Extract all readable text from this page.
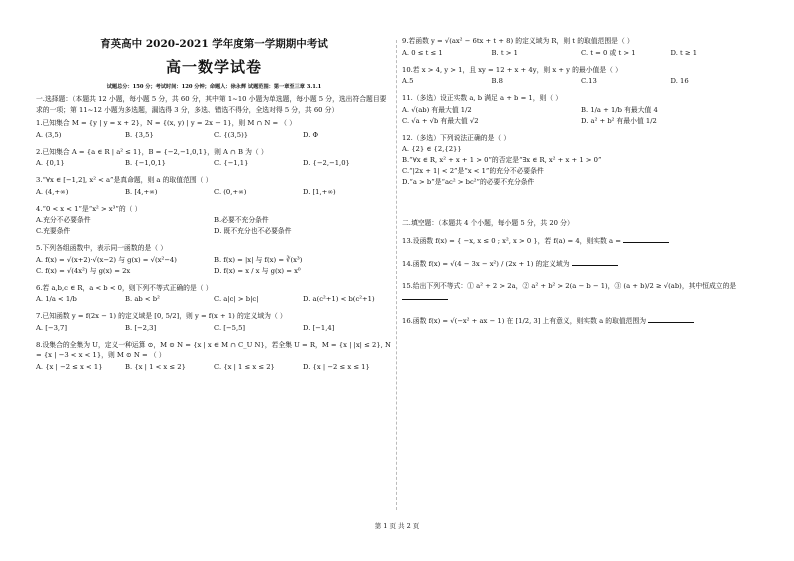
育英高中 2020-2021 学年度第一学期期中考试

高一数学试卷

试题总分：150 分；考试时间：120 分钟；命题人：徐永辉 试题范围：第一章至三章 3.1.1

一.选择题：（本题共 12 小题，每小题 5 分，共 60 分，其中第 1~10 小题为单选题，每小题 5 分，选出符合题目要求的一项；第 11~12 小题为多选题，漏选得 3 分，多选、错选不得分，全选对得 5 分，共 60 分）

1.已知集合 M = {y | y = x + 2}，N = {(x, y) | y = 2x − 1}，则 M ∩ N = （ ）

A. (3,5)	B. {3,5}	C. {(3,5)}	D. Φ

2.已知集合 A = {a ∈ R | a² ≤ 1}，B = {−2,−1,0,1}，则 A ∩ B 为（ ）

A. {0,1}	B. {−1,0,1}	C. {−1,1}	D. {−2,−1,0}

3.“∀x ∈ [−1,2], x² < a”是真命题，则 a 的取值范围（ ）

A. (4,+∞)	B. [4,+∞)	C. (0,+∞)	D. [1,+∞)

4.“0 < x < 1”是“x² > x³”的（ ）

A.充分不必要条件	B.必要不充分条件
C.充要条件	D. 既不充分也不必要条件

5.下列各组函数中，表示同一函数的是（ ）

A. f(x) = √(x+2)·√(x−2) 与 g(x) = √(x²−4)	B. f(x) = |x| 与 f(x) = ∛(x³)
C. f(x) = √(4x²) 与 g(x) = 2x	D. f(x) = x / x 与 g(x) = x⁰

6.若 a,b,c ∈ R，a < b < 0，则下列不等式正确的是（ ）

A. 1/a < 1/b	B. ab < b²	C. a|c| > b|c|	D. a(c²+1) < b(c²+1)

7.已知函数 y = f(2x − 1) 的定义域是 [0, 5/2]，则 y = f(x + 1) 的定义域为（ ）

A. [−3,7]	B. [−2,3]	C. [−5,5]	D. [−1,4]

8.设集合的全集为 U，定义一种运算 ⊙，M ⊙ N = {x | x ∈ M ∩ C_U N}，若全集 U = R，M = {x | |x| ≤ 2}, N = {x | −3 < x < 1}，则 M ⊙ N = （ ）

A. {x | −2 ≤ x < 1}	B. {x | 1 < x ≤ 2}	C. {x | 1 ≤ x ≤ 2}	D. {x | −2 ≤ x ≤ 1}

9.若函数 y = √(ax² − 6tx + t + 8) 的定义域为 R，则 t 的取值范围是（ ）

A. 0 ≤ t ≤ 1	B. t > 1	C. t = 0 或 t > 1	D. t ≥ 1

10.若 x > 4, y > 1，且 xy = 12 + x + 4y，则 x + y 的最小值是（ ）

A.5	B.8	C.13	D. 16

11.（多选）设正实数 a, b 满足 a + b = 1，则（ ）

A. √(ab) 有最大值 1/2	B. 1/a + 1/b 有最大值 4
C. √a + √b 有最大值 √2	D. a² + b² 有最小值 1/2

12.（多选）下列说法正确的是（ ）

A. {2} ∈ {2,{2}}
B.“∀x ∈ R, x² + x + 1 > 0”的否定是“∃x ∈ R, x² + x + 1 > 0”
C.“|2x + 1| < 2”是“x < 1”的充分不必要条件
D.“a > b”是“ac² > bc²”的必要不充分条件

二.填空题：（本题共 4 个小题，每小题 5 分，共 20 分）

13.设函数 f(x) = { −x, x ≤ 0 ; x², x > 0 }，若 f(a) = 4，则实数 a =

14.函数 f(x) = √(4 − 3x − x²) / (2x + 1) 的定义域为

15.给出下列不等式：① a² + 2 > 2a，② a² + b² > 2(a − b − 1)，③ (a + b)/2 ≥ √(ab)，其中恒成立的是

16.函数 f(x) = √(−x² + ax − 1) 在 [1/2, 3] 上有意义，则实数 a 的取值范围为

第 1 页 共 2 页
